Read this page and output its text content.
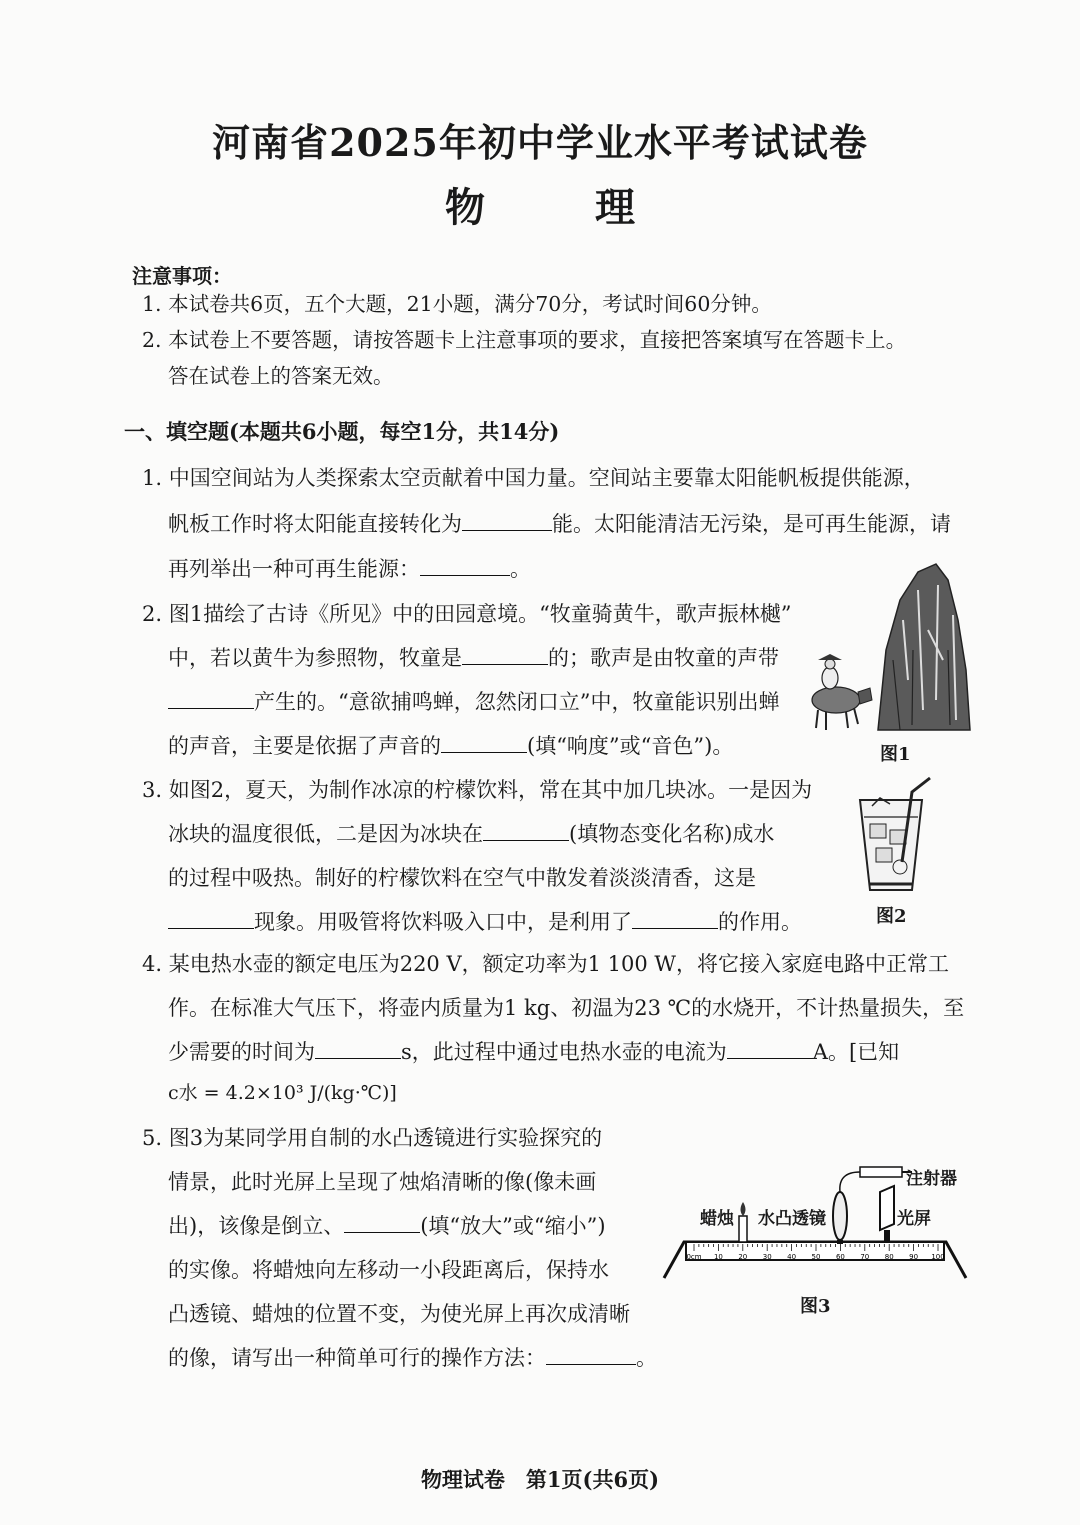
河南省2025年初中学业水平考试试卷
物理
注意事项：
1. 本试卷共6页，五个大题，21小题，满分70分，考试时间60分钟。
2. 本试卷上不要答题，请按答题卡上注意事项的要求，直接把答案填写在答题卡上。
答在试卷上的答案无效。
一、填空题(本题共6小题，每空1分，共14分)
1. 中国空间站为人类探索太空贡献着中国力量。空间站主要靠太阳能帆板提供能源，
帆板工作时将太阳能直接转化为	能。太阳能清洁无污染，是可再生能源，请
再列举出一种可再生能源：	。
2. 图1描绘了古诗《所见》中的田园意境。“牧童骑黄牛，歌声振林樾”
中，若以黄牛为参照物，牧童是	的；歌声是由牧童的声带
产生的。“意欲捕鸣蝉，忽然闭口立”中，牧童能识别出蝉
的声音，主要是依据了声音的	(填“响度”或“音色”)。	图1
3. 如图2，夏天，为制作冰凉的柠檬饮料，常在其中加几块冰。一是因为
冰块的温度很低，二是因为冰块在	(填物态变化名称)成水
的过程中吸热。制好的柠檬饮料在空气中散发着淡淡清香，这是
现象。用吸管将饮料吸入口中，是利用了	的作用。	图2
4. 某电热水壶的额定电压为220 V，额定功率为1 100 W，将它接入家庭电路中正常工
作。在标准大气压下，将壶内质量为1 kg、初温为23 ℃的水烧开，不计热量损失，至
少需要的时间为	s，此过程中通过电热水壶的电流为	A。[已知
c水 = 4.2×10³ J/(kg·℃)]
5. 图3为某同学用自制的水凸透镜进行实验探究的
情景，此时光屏上呈现了烛焰清晰的像(像未画
出)，该像是倒立、	(填“放大”或“缩小”)
的实像。将蜡烛向左移动一小段距离后，保持水
凸透镜、蜡烛的位置不变，为使光屏上再次成清晰
的像，请写出一种简单可行的操作方法：	。
0cm 10 20 30 40 50 60 70 80 90 100
注射器
蜡烛 水凸透镜	光屏
图3
物理试卷　第1页(共6页)
